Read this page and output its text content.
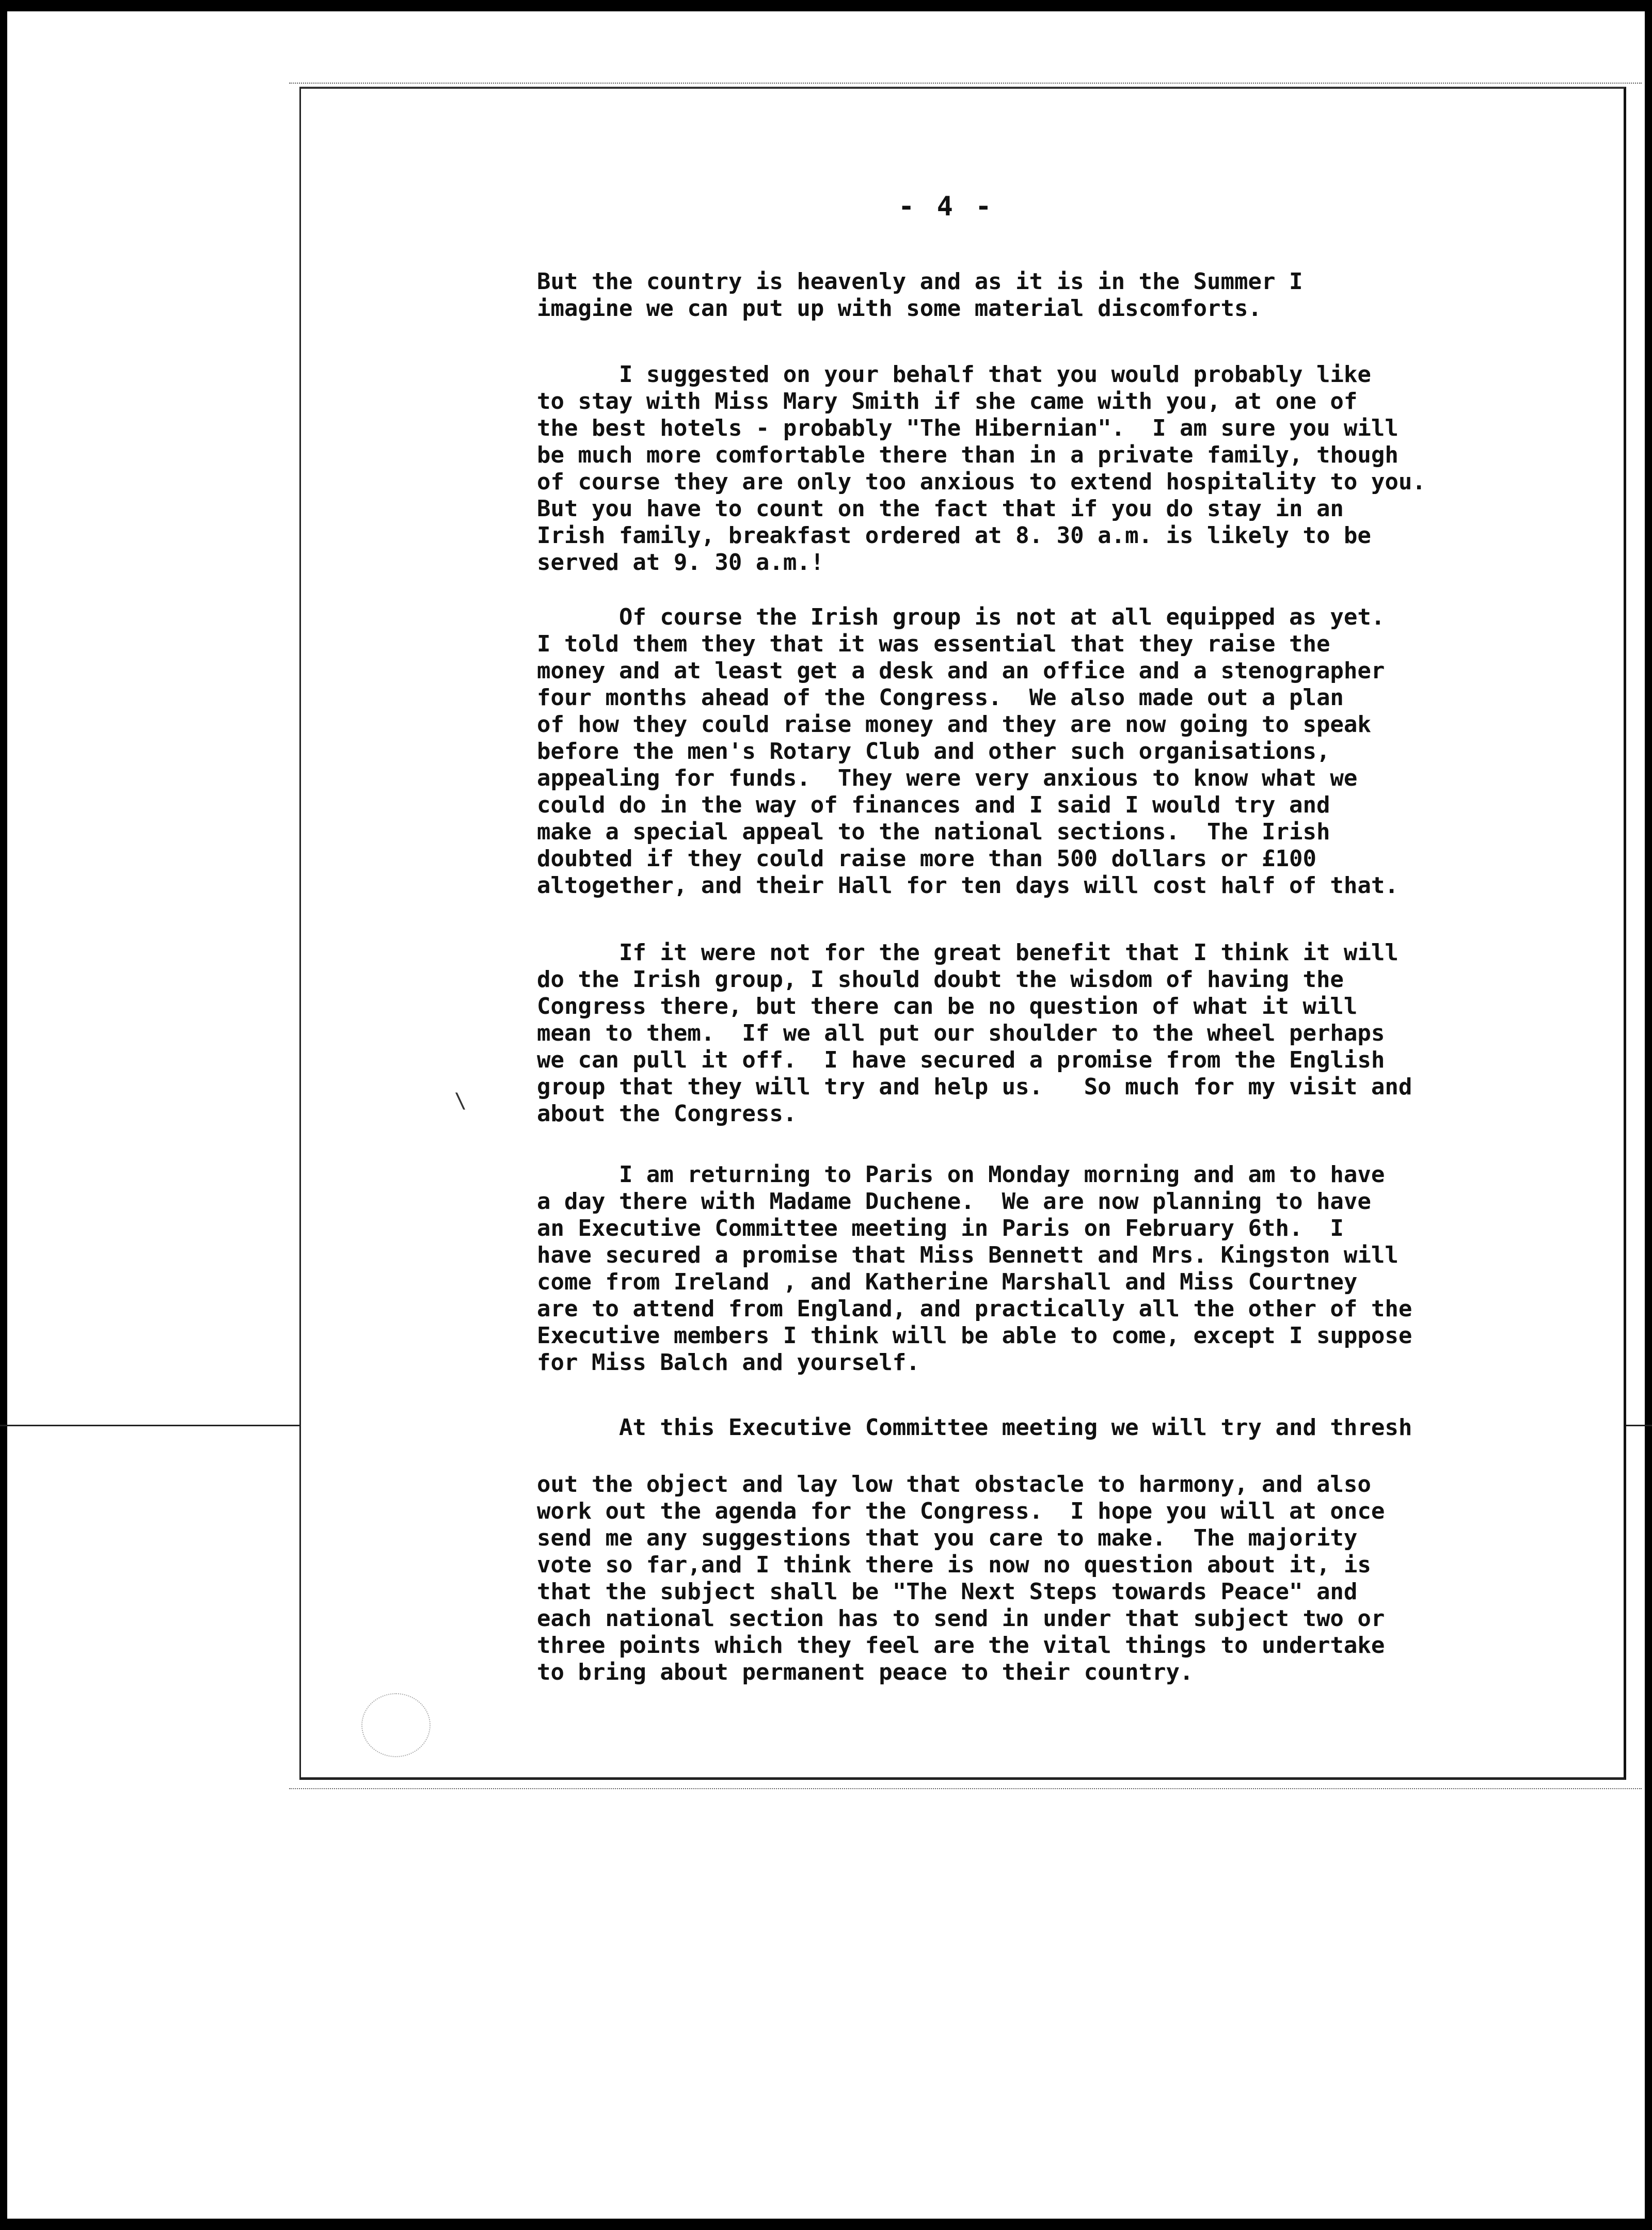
- 4 -

But the country is heavenly and as it is in the Summer I
imagine we can put up with some material discomforts.

I suggested on your behalf that you would probably like
to stay with Miss Mary Smith if she came with you, at one of
the best hotels - probably "The Hibernian".  I am sure you will
be much more comfortable there than in a private family, though
of course they are only too anxious to extend hospitality to you.
But you have to count on the fact that if you do stay in an
Irish family, breakfast ordered at 8. 30 a.m. is likely to be
served at 9. 30 a.m.!

Of course the Irish group is not at all equipped as yet.
I told them they that it was essential that they raise the
money and at least get a desk and an office and a stenographer
four months ahead of the Congress.  We also made out a plan
of how they could raise money and they are now going to speak
before the men's Rotary Club and other such organisations,
appealing for funds.  They were very anxious to know what we
could do in the way of finances and I said I would try and
make a special appeal to the national sections.  The Irish
doubted if they could raise more than 500 dollars or £100
altogether, and their Hall for ten days will cost half of that.

If it were not for the great benefit that I think it will
do the Irish group, I should doubt the wisdom of having the
Congress there, but there can be no question of what it will
mean to them.  If we all put our shoulder to the wheel perhaps
we can pull it off.  I have secured a promise from the English
group that they will try and help us.   So much for my visit and
about the Congress.

I am returning to Paris on Monday morning and am to have
a day there with Madame Duchene.  We are now planning to have
an Executive Committee meeting in Paris on February 6th.  I
have secured a promise that Miss Bennett and Mrs. Kingston will
come from Ireland , and Katherine Marshall and Miss Courtney
are to attend from England, and practically all the other of the
Executive members I think will be able to come, except I suppose
for Miss Balch and yourself.

At this Executive Committee meeting we will try and thresh

out the object and lay low that obstacle to harmony, and also
work out the agenda for the Congress.  I hope you will at once
send me any suggestions that you care to make.  The majority
vote so far,and I think there is now no question about it, is
that the subject shall be "The Next Steps towards Peace" and
each national section has to send in under that subject two or
three points which they feel are the vital things to undertake
to bring about permanent peace to their country.

\
